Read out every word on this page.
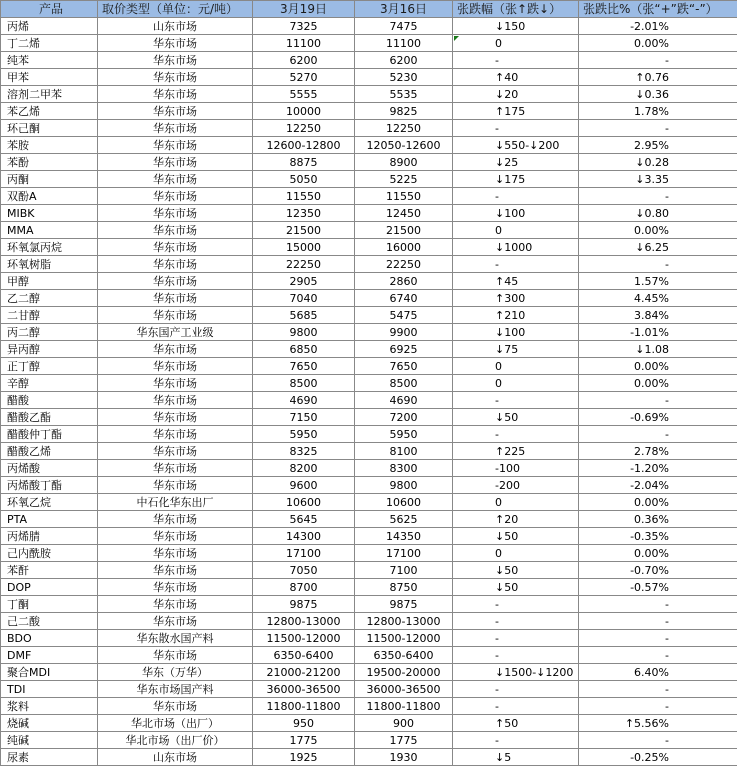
产品	取价类型（单位：元/吨）	3月19日	3月16日	张跌幅（张↑跌↓）	张跌比%（张“+”跌“-”）
丙烯	山东市场	7325	7475	↓150	-2.01%
丁二烯	华东市场	11100	11100	0	0.00%
纯苯	华东市场	6200	6200	-	-
甲苯	华东市场	5270	5230	↑40	↑0.76
溶剂二甲苯	华东市场	5555	5535	↓20	↓0.36
苯乙烯	华东市场	10000	9825	↑175	1.78%
环己酮	华东市场	12250	12250	-	-
苯胺	华东市场	12600-12800	12050-12600	↓550-↓200	2.95%
苯酚	华东市场	8875	8900	↓25	↓0.28
丙酮	华东市场	5050	5225	↓175	↓3.35
双酚A	华东市场	11550	11550	-	-
MIBK	华东市场	12350	12450	↓100	↓0.80
MMA	华东市场	21500	21500	0	0.00%
环氧氯丙烷	华东市场	15000	16000	↓1000	↓6.25
环氧树脂	华东市场	22250	22250	-	-
甲醇	华东市场	2905	2860	↑45	1.57%
乙二醇	华东市场	7040	6740	↑300	4.45%
二甘醇	华东市场	5685	5475	↑210	3.84%
丙二醇	华东国产工业级	9800	9900	↓100	-1.01%
异丙醇	华东市场	6850	6925	↓75	↓1.08
正丁醇	华东市场	7650	7650	0	0.00%
辛醇	华东市场	8500	8500	0	0.00%
醋酸	华东市场	4690	4690	-	-
醋酸乙酯	华东市场	7150	7200	↓50	-0.69%
醋酸仲丁酯	华东市场	5950	5950	-	-
醋酸乙烯	华东市场	8325	8100	↑225	2.78%
丙烯酸	华东市场	8200	8300	-100	-1.20%
丙烯酸丁酯	华东市场	9600	9800	-200	-2.04%
环氧乙烷	中石化华东出厂	10600	10600	0	0.00%
PTA	华东市场	5645	5625	↑20	0.36%
丙烯腈	华东市场	14300	14350	↓50	-0.35%
己内酰胺	华东市场	17100	17100	0	0.00%
苯酐	华东市场	7050	7100	↓50	-0.70%
DOP	华东市场	8700	8750	↓50	-0.57%
丁酮	华东市场	9875	9875	-	-
己二酸	华东市场	12800-13000	12800-13000	-	-
BDO	华东散水国产料	11500-12000	11500-12000	-	-
DMF	华东市场	6350-6400	6350-6400	-	-
聚合MDI	华东（万华）	21000-21200	19500-20000	↓1500-↓1200	6.40%
TDI	华东市场国产料	36000-36500	36000-36500	-	-
浆料	华东市场	11800-11800	11800-11800	-	-
烧碱	华北市场（出厂）	950	900	↑50	↑5.56%
纯碱	华北市场（出厂价）	1775	1775	-	-
尿素	山东市场	1925	1930	↓5	-0.25%
